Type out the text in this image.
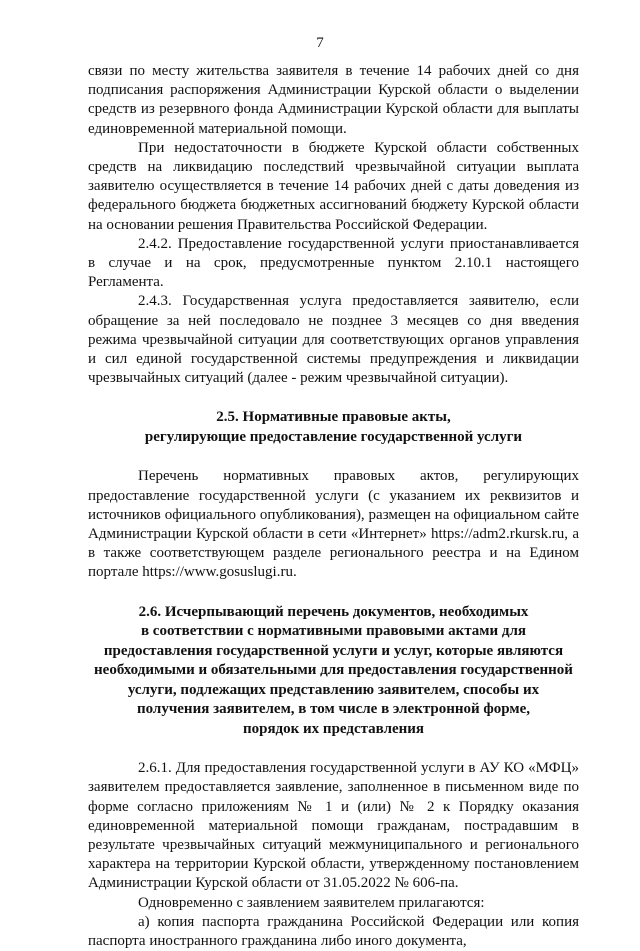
7

связи по месту жительства заявителя в течение 14 рабочих дней со дня подписания распоряжения Администрации Курской области о выделении средств из резервного фонда Администрации Курской области для выплаты единовременной материальной помощи.

При недостаточности в бюджете Курской области собственных средств на ликвидацию последствий чрезвычайной ситуации выплата заявителю осуществляется в течение 14 рабочих дней с даты доведения из федерального бюджета бюджетных ассигнований бюджету Курской области на основании решения Правительства Российской Федерации.

2.4.2. Предоставление государственной услуги приостанавливается в случае и на срок, предусмотренные пунктом 2.10.1 настоящего Регламента.

2.4.3. Государственная услуга предоставляется заявителю, если обращение за ней последовало не позднее 3 месяцев со дня введения режима чрезвычайной ситуации для соответствующих органов управления и сил единой государственной системы предупреждения и ликвидации чрезвычайных ситуаций (далее - режим чрезвычайной ситуации).

2.5. Нормативные правовые акты,

регулирующие предоставление государственной услуги

Перечень нормативных правовых актов, регулирующих предоставление государственной услуги (с указанием их реквизитов и источников официального опубликования), размещен на официальном сайте Администрации Курской области в сети «Интернет» https://adm2.rkursk.ru, а в также соответствующем разделе регионального реестра и на Едином портале https://www.gosuslugi.ru.

2.6. Исчерпывающий перечень документов, необходимых

в соответствии с нормативными правовыми актами для

предоставления государственной услуги и услуг, которые являются

необходимыми и обязательными для предоставления государственной

услуги, подлежащих представлению заявителем, способы их

получения заявителем, в том числе в электронной форме,

порядок их представления

2.6.1. Для предоставления государственной услуги в АУ КО «МФЦ» заявителем предоставляется заявление, заполненное в письменном виде по форме согласно приложениям № 1 и (или) № 2 к Порядку оказания единовременной материальной помощи гражданам, пострадавшим в результате чрезвычайных ситуаций межмуниципального и регионального характера на территории Курской области, утвержденному постановлением Администрации Курской области от 31.05.2022 № 606-па.

Одновременно с заявлением заявителем прилагаются:

а) копия паспорта гражданина Российской Федерации или копия паспорта иностранного гражданина либо иного документа,
